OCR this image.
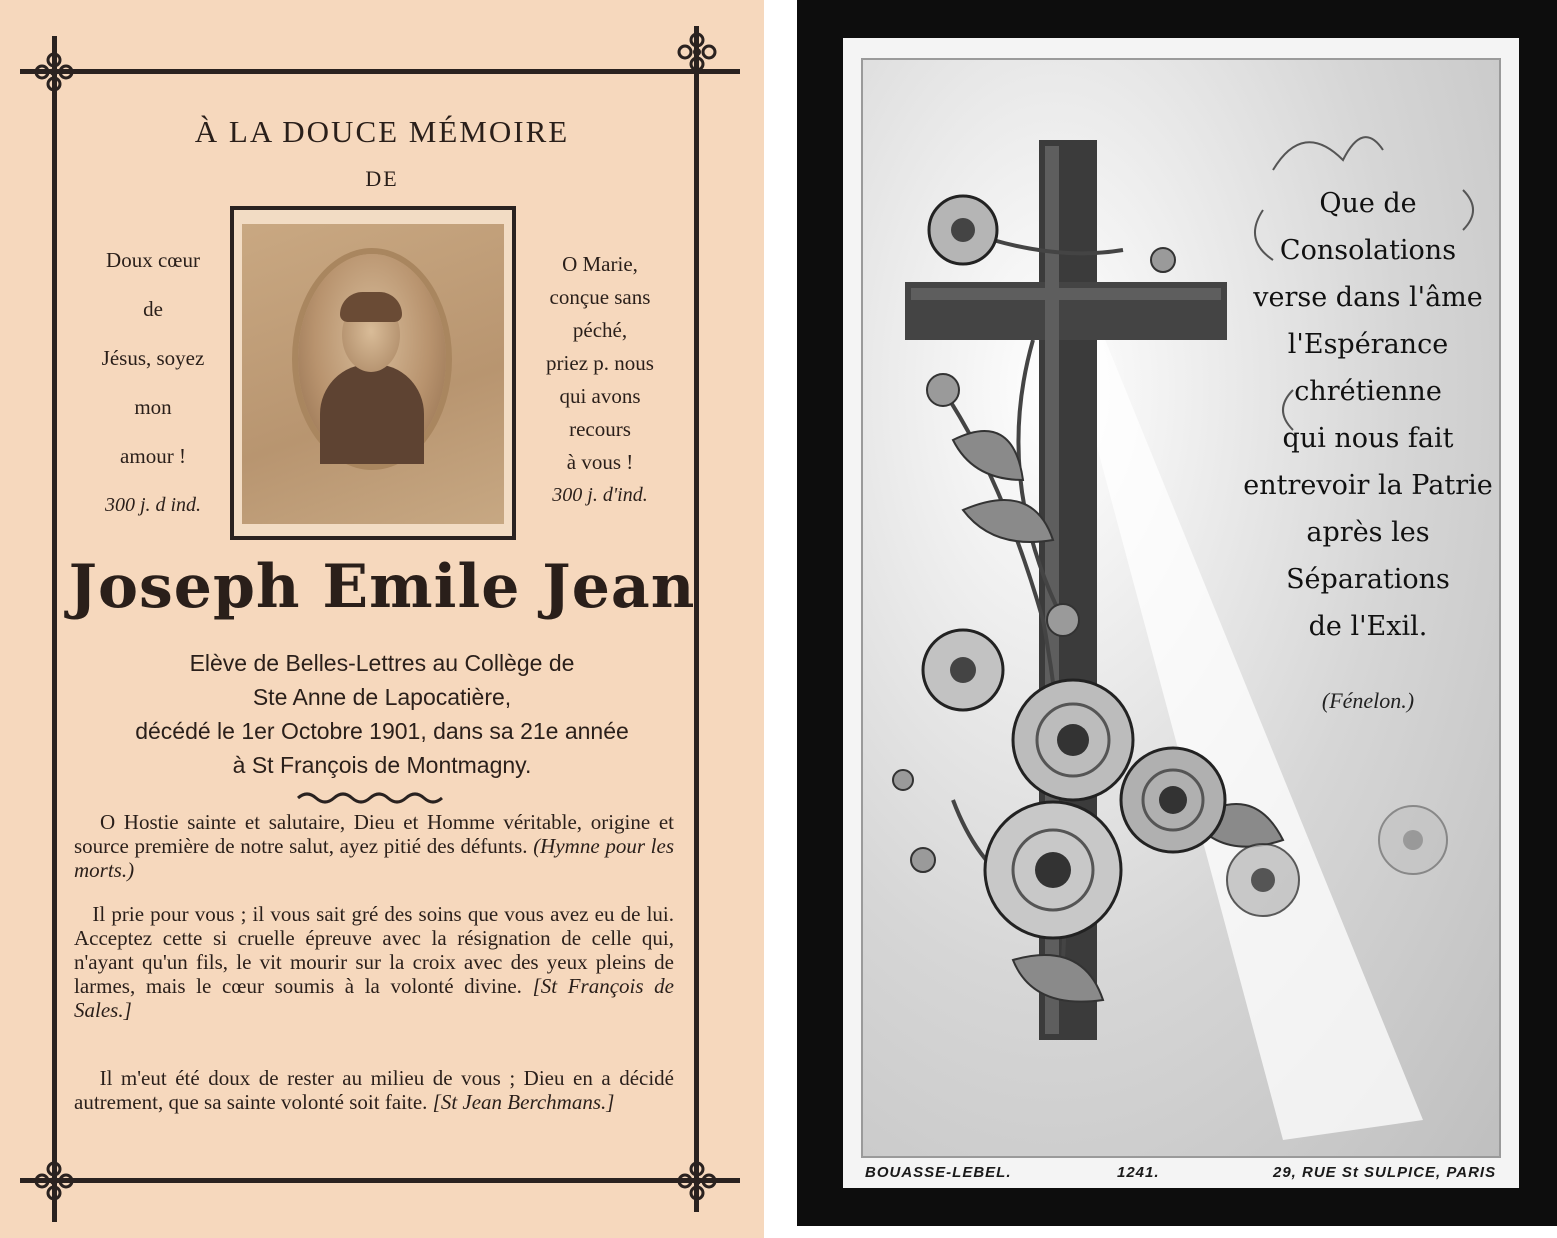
À LA DOUCE MÉMOIRE

DE

Doux cœur
de
Jésus, soyez
mon
amour !
300 j. d ind.
O Marie,
conçue sans
péché,
priez p. nous
qui avons
recours
à vous !
300 j. d'ind.

Joseph Emile Jean

Elève de Belles-Lettres au Collège de

Ste Anne de Lapocatière,

décédé le 1er Octobre 1901, dans sa 21e année

à St François de Montmagny.

O Hostie sainte et salutaire, Dieu et Homme véritable, origine et source première de notre salut, ayez pitié des défunts. (Hymne pour les morts.)
Il prie pour vous ; il vous sait gré des soins que vous avez eu de lui. Acceptez cette si cruelle épreuve avec la résignation de celle qui, n'ayant qu'un fils, le vit mourir sur la croix avec des yeux pleins de larmes, mais le cœur soumis à la volonté divine. [St François de Sales.]
Il m'eut été doux de rester au milieu de vous ; Dieu en a décidé autrement, que sa sainte volonté soit faite. [St Jean Berchmans.]
Que de
Consolations
verse dans l'âme
l'Espérance
chrétienne
qui nous fait
entrevoir la Patrie
après les
Séparations
de l'Exil.
(Fénelon.)
BOUASSE-LEBEL.	1241.	29, RUE St SULPICE, PARIS
